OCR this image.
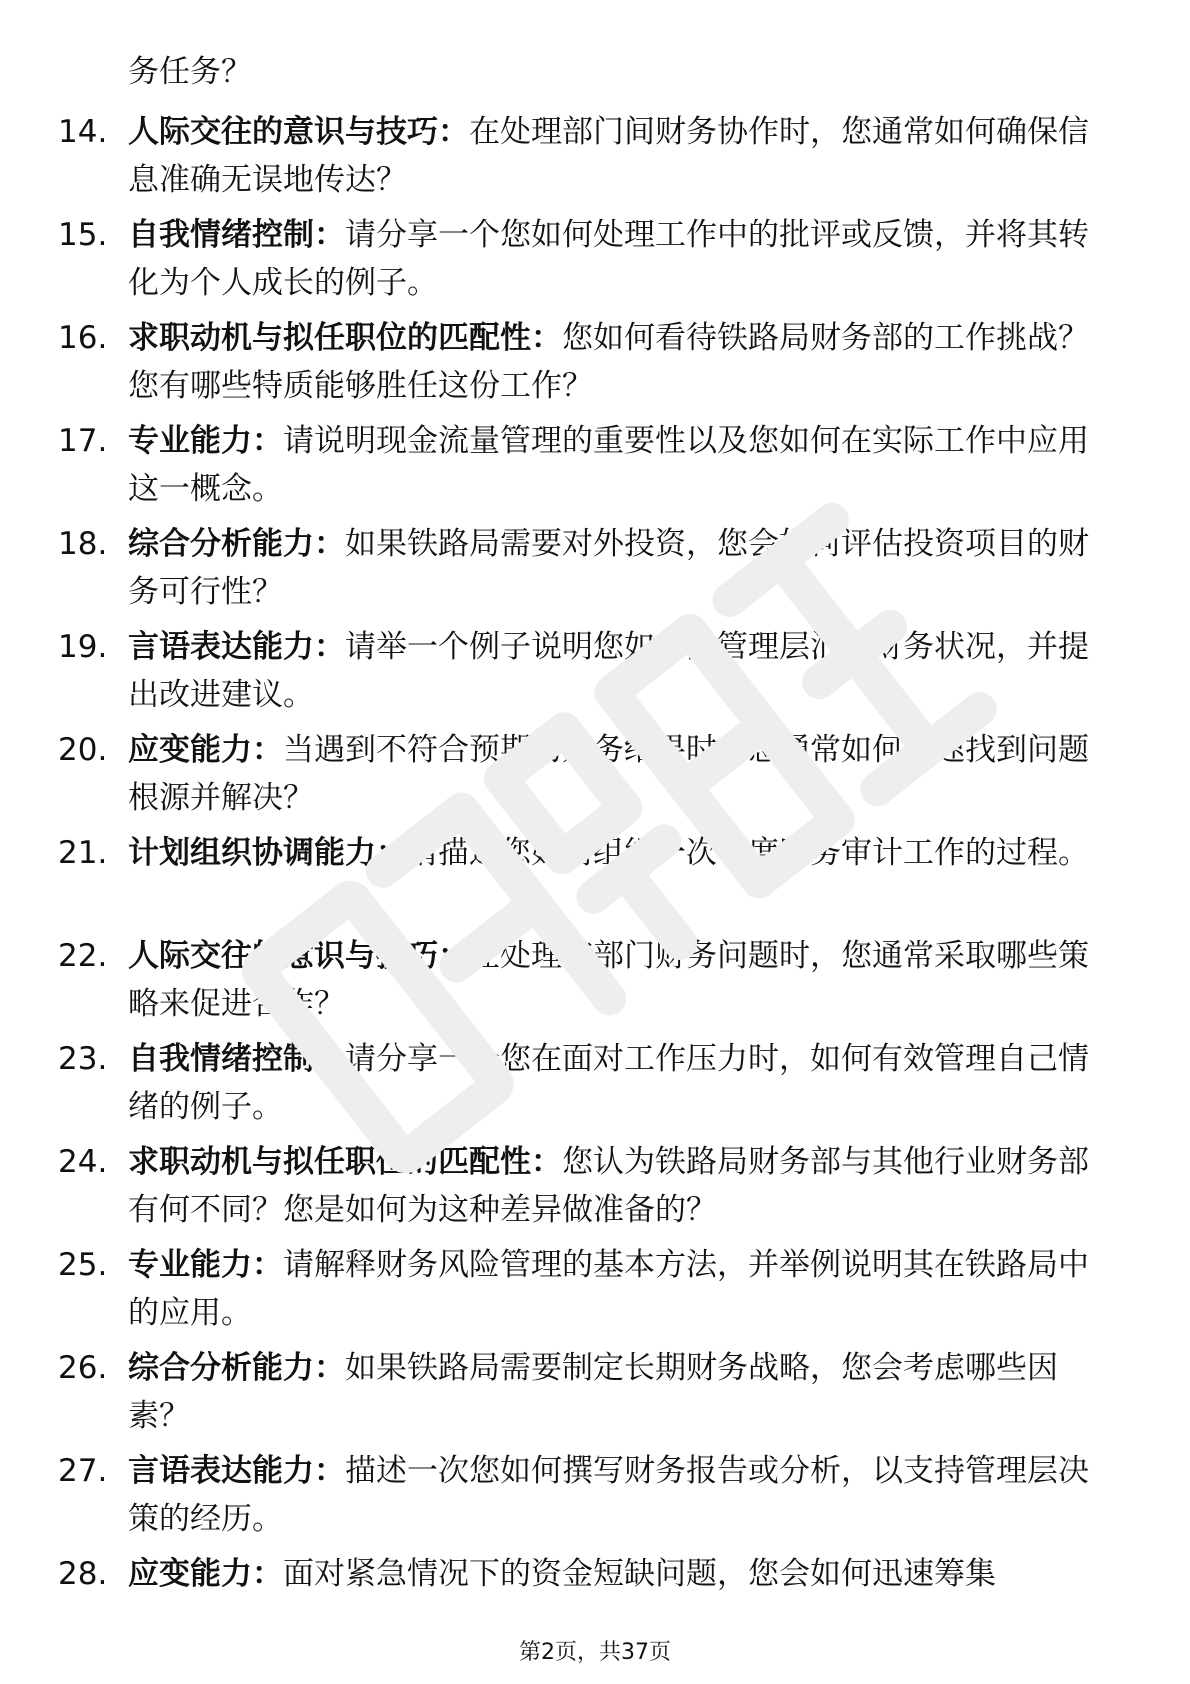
务任务？
14. 人际交往的意识与技巧：在处理部门间财务协作时，您通常如何确保信息准确无误地传达？
15. 自我情绪控制：请分享一个您如何处理工作中的批评或反馈，并将其转化为个人成长的例子。
16. 求职动机与拟任职位的匹配性：您如何看待铁路局财务部的工作挑战？您有哪些特质能够胜任这份工作？
17. 专业能力：请说明现金流量管理的重要性以及您如何在实际工作中应用这一概念。
18. 综合分析能力：如果铁路局需要对外投资，您会如何评估投资项目的财务可行性？
19. 言语表达能力：请举一个例子说明您如何向管理层汇报财务状况，并提出改进建议。
20. 应变能力：当遇到不符合预期的财务结果时，您通常如何快速找到问题根源并解决？
21. 计划组织协调能力：请描述您如何组织一次年度财务审计工作的过程。
22. 人际交往的意识与技巧：在处理跨部门财务问题时，您通常采取哪些策略来促进合作？
23. 自我情绪控制：请分享一个您在面对工作压力时，如何有效管理自己情绪的例子。
24. 求职动机与拟任职位的匹配性：您认为铁路局财务部与其他行业财务部有何不同？您是如何为这种差异做准备的？
25. 专业能力：请解释财务风险管理的基本方法，并举例说明其在铁路局中的应用。
26. 综合分析能力：如果铁路局需要制定长期财务战略，您会考虑哪些因素？
27. 言语表达能力：描述一次您如何撰写财务报告或分析，以支持管理层决策的经历。
28. 应变能力：面对紧急情况下的资金短缺问题，您会如何迅速筹集
第2页，共37页
